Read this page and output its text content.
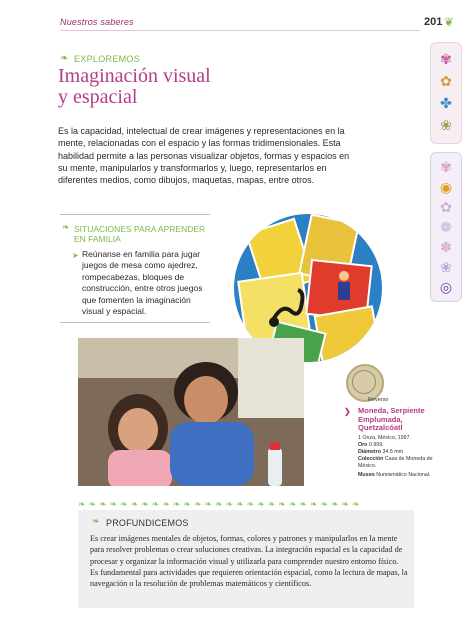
Nuestros saberes	201 ❦
✾
✿
✤
❀
✾
◉
✿
❁
✽
❀
◎
❧ EXPLOREMOS
Imaginación visual
y espacial
Es la capacidad, intelectual de crear imágenes y representaciones en la mente, relacionadas con el espacio y las formas tridimensionales. Esta habilidad permite a las personas visualizar objetos, formas y espacios en su mente, manipularlos y transformarlos y, luego, representarlos en diferentes medios, como dibujos, maquetas, mapas, entre otros.
❧ SITUACIONES PARA APRENDER EN FAMILIA
➤ Reúnanse en familia para jugar juegos de mesa como ajedrez, rompecabezas, bloques de construcción, entre otros juegos que fomenten la imaginación visual y espacial.
Reverso
❯ Moneda, Serpiente Emplumada, Quetzalcóatl
1 Onza, México, 1997.
Oro 0.999.
Diámetro 34.5 mm
Colección Casa de Moneda de México.
Museo Numismático Nacional.
❧❧❧❧❧❧❧❧❧❧❧❧❧❧❧❧❧❧❧❧❧❧❧❧❧❧❧
❧ PROFUNDICEMOS
Es crear imágenes mentales de objetos, formas, colores y patrones y manipularlos en la mente para resolver problemas o crear soluciones creativas. La integración espacial es la capacidad de procesar y organizar la información visual y utilizarla para comprender nuestro entorno físico. Es fundamental para actividades que requieren orientación espacial, como la lectura de mapas, la navegación o la resolución de problemas matemáticos y científicos.
